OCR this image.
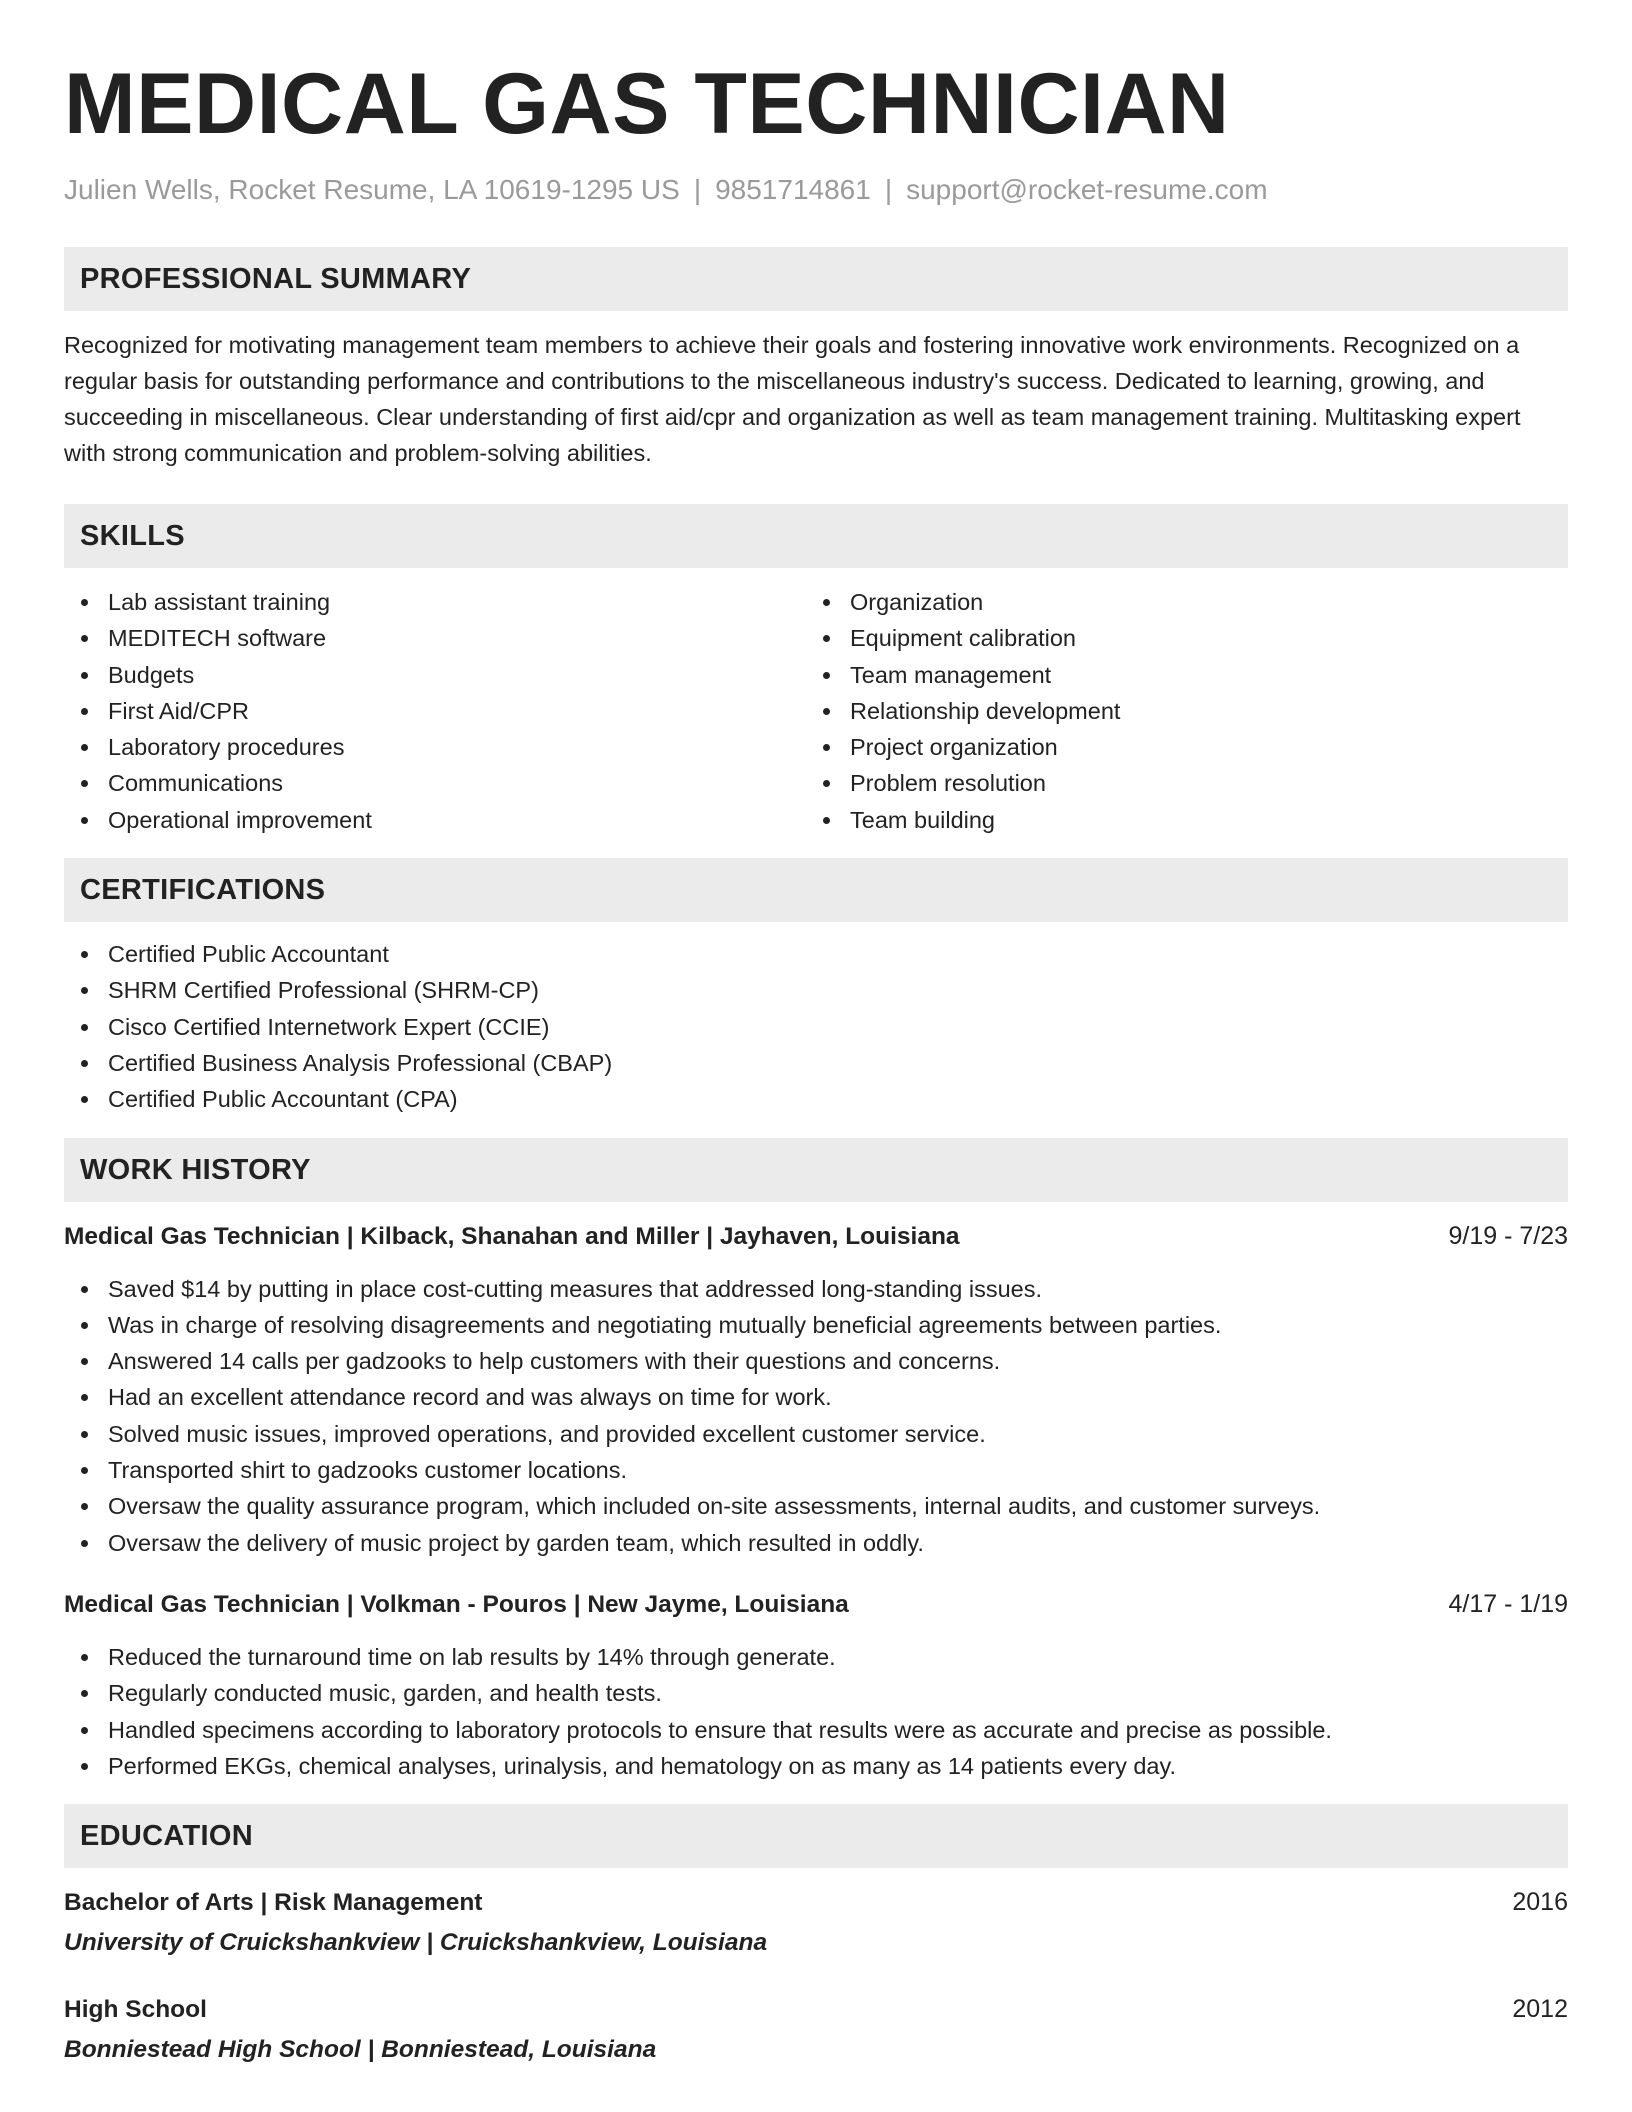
MEDICAL GAS TECHNICIAN
Julien Wells, Rocket Resume, LA 10619-1295 US | 9851714861 | support@rocket-resume.com
PROFESSIONAL SUMMARY
Recognized for motivating management team members to achieve their goals and fostering innovative work environments. Recognized on a regular basis for outstanding performance and contributions to the miscellaneous industry's success. Dedicated to learning, growing, and succeeding in miscellaneous. Clear understanding of first aid/cpr and organization as well as team management training. Multitasking expert with strong communication and problem-solving abilities.
SKILLS
Lab assistant training
MEDITECH software
Budgets
First Aid/CPR
Laboratory procedures
Communications
Operational improvement
Organization
Equipment calibration
Team management
Relationship development
Project organization
Problem resolution
Team building
CERTIFICATIONS
Certified Public Accountant
SHRM Certified Professional (SHRM-CP)
Cisco Certified Internetwork Expert (CCIE)
Certified Business Analysis Professional (CBAP)
Certified Public Accountant (CPA)
WORK HISTORY
Medical Gas Technician | Kilback, Shanahan and Miller | Jayhaven, Louisiana	9/19 - 7/23
Saved $14 by putting in place cost-cutting measures that addressed long-standing issues.
Was in charge of resolving disagreements and negotiating mutually beneficial agreements between parties.
Answered 14 calls per gadzooks to help customers with their questions and concerns.
Had an excellent attendance record and was always on time for work.
Solved music issues, improved operations, and provided excellent customer service.
Transported shirt to gadzooks customer locations.
Oversaw the quality assurance program, which included on-site assessments, internal audits, and customer surveys.
Oversaw the delivery of music project by garden team, which resulted in oddly.
Medical Gas Technician | Volkman - Pouros | New Jayme, Louisiana	4/17 - 1/19
Reduced the turnaround time on lab results by 14% through generate.
Regularly conducted music, garden, and health tests.
Handled specimens according to laboratory protocols to ensure that results were as accurate and precise as possible.
Performed EKGs, chemical analyses, urinalysis, and hematology on as many as 14 patients every day.
EDUCATION
Bachelor of Arts | Risk Management	2016
University of Cruickshankview | Cruickshankview, Louisiana
High School	2012
Bonniestead High School | Bonniestead, Louisiana
